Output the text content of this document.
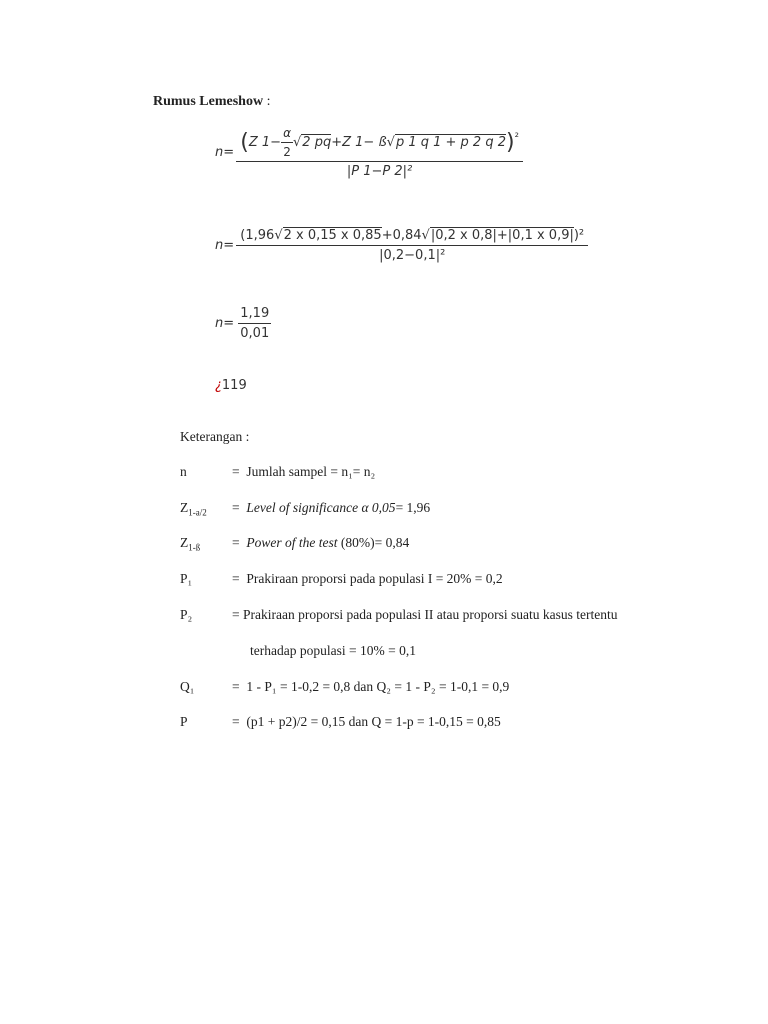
Rumus Lemeshow :
$n= \frac{(Z 1- \frac{\alpha}{2} √2 pq+Z 1- ß√p 1 q 1 + p 2 q 2)^{^2}}{\text{|P 1−P 2|²}}$
$n= \frac{\text{(1,96√2 x 0,15 x 0,85+0,84√|0,2 x 0,8|+|0,1 x 0,9|)²}}{\text{|0,2−0,1|²}}$
$n= \frac{1,19}{0,01}$
¿119
Keterangan :
n	= Jumlah sampel = n₁= n₂
$Z_{1-a/2}$ = Level of significance α 0,05= 1,96
$Z_{1-ß}$ = Power of the test (80%)= 0,84
P₁	= Prakiraan proporsi pada populasi I = 20% = 0,2
P₂	= Prakiraan proporsi pada populasi II atau proporsi suatu kasus tertentu
terhadap populasi = 10% = 0,1
Q₁	= 1 - P₁ = 1-0,2 = 0,8 dan Q₂ = 1 - P₂ = 1-0,1 = 0,9
P	= (p1 + p2)/2 = 0,15 dan Q = 1-p = 1-0,15 = 0,85
